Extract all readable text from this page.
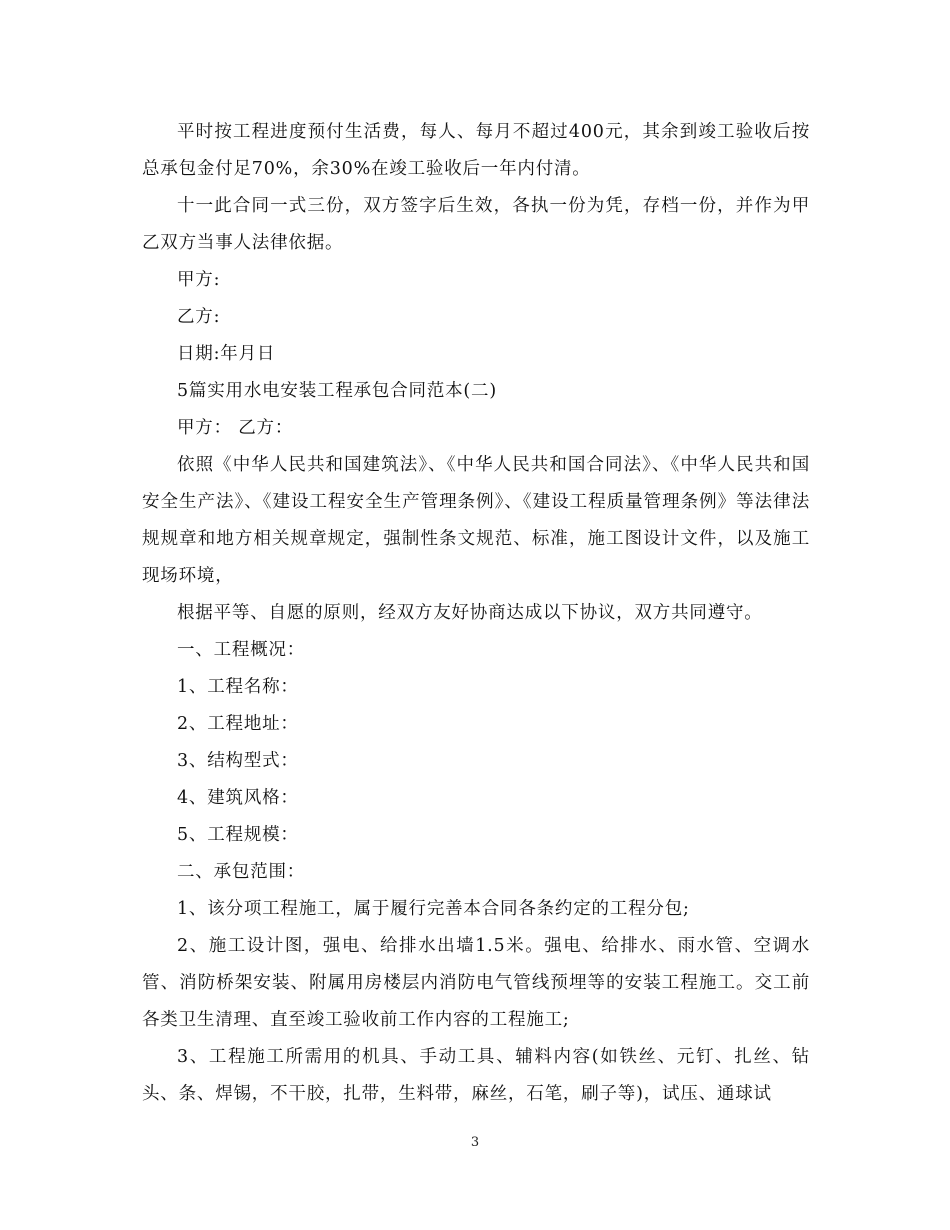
平时按工程进度预付生活费，每人、每月不超过400元，其余到竣工验收后按总承包金付足70%，余30%在竣工验收后一年内付清。

十一此合同一式三份，双方签字后生效，各执一份为凭，存档一份，并作为甲乙双方当事人法律依据。

甲方:

乙方:

日期:年月日

5篇实用水电安装工程承包合同范本(二)

甲方： 乙方：

依照《中华人民共和国建筑法》、《中华人民共和国合同法》、《中华人民共和国安全生产法》、《建设工程安全生产管理条例》、《建设工程质量管理条例》等法律法规规章和地方相关规章规定，强制性条文规范、标准，施工图设计文件，以及施工现场环境，

根据平等、自愿的原则，经双方友好协商达成以下协议，双方共同遵守。

一、工程概况：

1、工程名称：

2、工程地址：

3、结构型式：

4、建筑风格：

5、工程规模：

二、承包范围：

1、该分项工程施工，属于履行完善本合同各条约定的工程分包;

2、施工设计图，强电、给排水出墙1.5米。强电、给排水、雨水管、空调水管、消防桥架安装、附属用房楼层内消防电气管线预埋等的安装工程施工。交工前各类卫生清理、直至竣工验收前工作内容的工程施工;

3、工程施工所需用的机具、手动工具、辅料内容(如铁丝、元钉、扎丝、钻头、条、焊锡，不干胶，扎带，生料带，麻丝，石笔，刷子等)，试压、通球试

3
